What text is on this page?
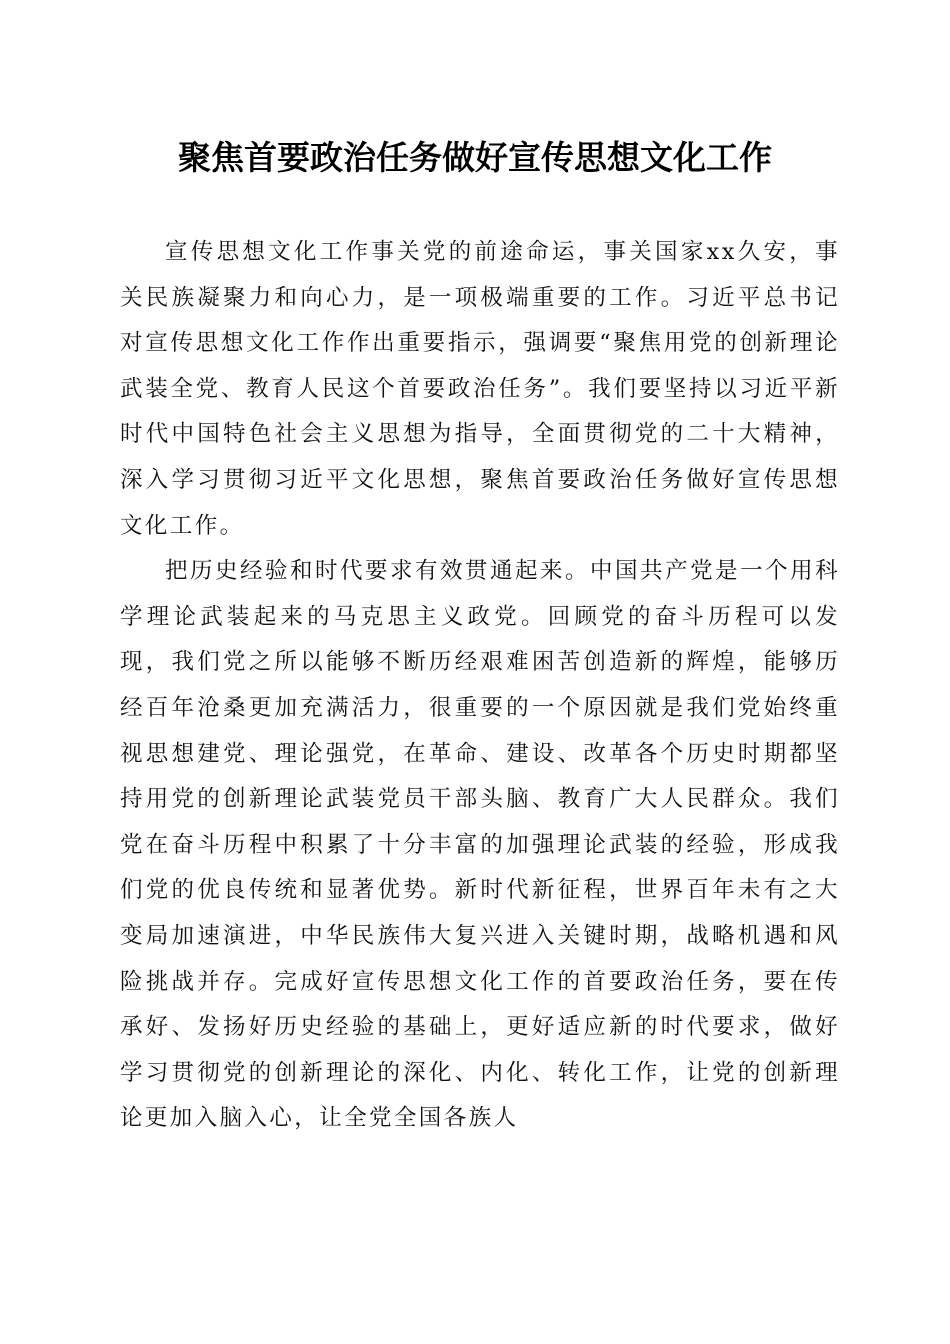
聚焦首要政治任务做好宣传思想文化工作

宣传思想文化工作事关党的前途命运，事关国家xx久安，事关民族凝聚力和向心力，是一项极端重要的工作。习近平总书记对宣传思想文化工作作出重要指示，强调要“聚焦用党的创新理论武装全党、教育人民这个首要政治任务”。我们要坚持以习近平新时代中国特色社会主义思想为指导，全面贯彻党的二十大精神，深入学习贯彻习近平文化思想，聚焦首要政治任务做好宣传思想文化工作。

把历史经验和时代要求有效贯通起来。中国共产党是一个用科学理论武装起来的马克思主义政党。回顾党的奋斗历程可以发现，我们党之所以能够不断历经艰难困苦创造新的辉煌，能够历经百年沧桑更加充满活力，很重要的一个原因就是我们党始终重视思想建党、理论强党，在革命、建设、改革各个历史时期都坚持用党的创新理论武装党员干部头脑、教育广大人民群众。我们党在奋斗历程中积累了十分丰富的加强理论武装的经验，形成我们党的优良传统和显著优势。新时代新征程，世界百年未有之大变局加速演进，中华民族伟大复兴进入关键时期，战略机遇和风险挑战并存。完成好宣传思想文化工作的首要政治任务，要在传承好、发扬好历史经验的基础上，更好适应新的时代要求，做好学习贯彻党的创新理论的深化、内化、转化工作，让党的创新理论更加入脑入心，让全党全国各族人
